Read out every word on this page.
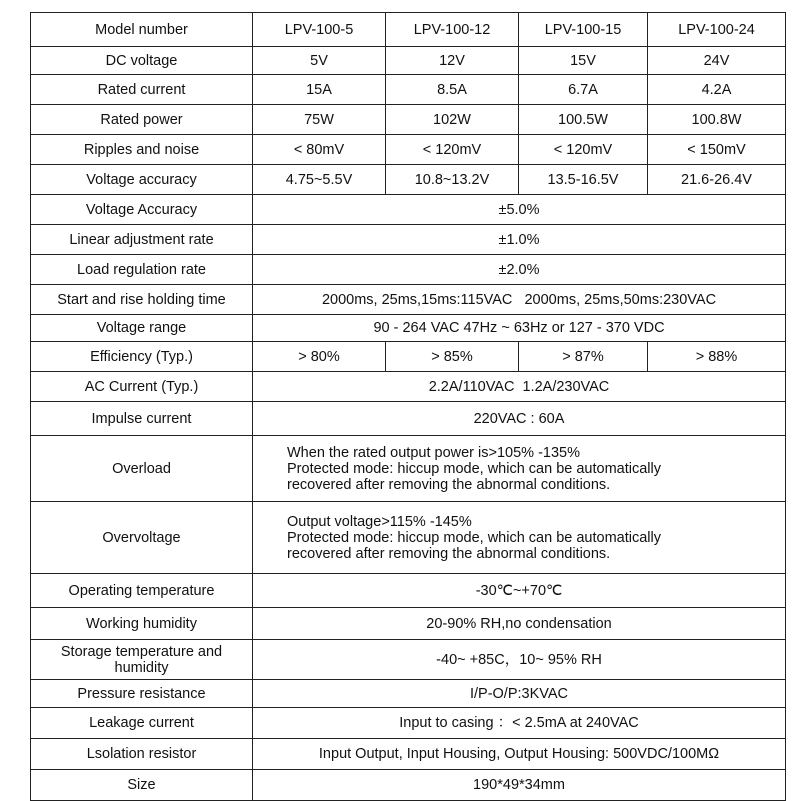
Model number	LPV-100-5	LPV-100-12	LPV-100-15	LPV-100-24
DC voltage	5V	12V	15V	24V
Rated current	15A	8.5A	6.7A	4.2A
Rated power	75W	102W	100.5W	100.8W
Ripples and noise	< 80mV	< 120mV	< 120mV	< 150mV
Voltage accuracy	4.75~5.5V	10.8~13.2V	13.5-16.5V	21.6-26.4V
Voltage Accuracy	±5.0%			
Linear adjustment rate	±1.0%			
Load regulation rate	±2.0%			
Start and rise holding time	2000ms, 25ms,15ms:115VAC   2000ms, 25ms,50ms:230VAC			
Voltage range	90 - 264 VAC 47Hz ~ 63Hz or 127 - 370 VDC			
Efficiency (Typ.)	> 80%	> 85%	> 87%	> 88%
AC Current (Typ.)	2.2A/110VAC  1.2A/230VAC			
Impulse current	220VAC : 60A			
Overload	When the rated output power is>105% -135%
Protected mode: hiccup mode, which can be automatically
recovered after removing the abnormal conditions.			

Overvoltage	Output voltage>115% -145%
Protected mode: hiccup mode, which can be automatically
recovered after removing the abnormal conditions.			

Operating temperature	-30℃~+70℃			
Working humidity	20-90% RH,no condensation			

Storage temperature and
humidity	-40~ +85C，10~ 95% RH			
Pressure resistance	I/P-O/P:3KVAC			
Leakage current	Input to casing ：< 2.5mA at 240VAC			
Lsolation resistor	Input Output, Input Housing, Output Housing: 500VDC/100MΩ			
Size	190*49*34mm			
